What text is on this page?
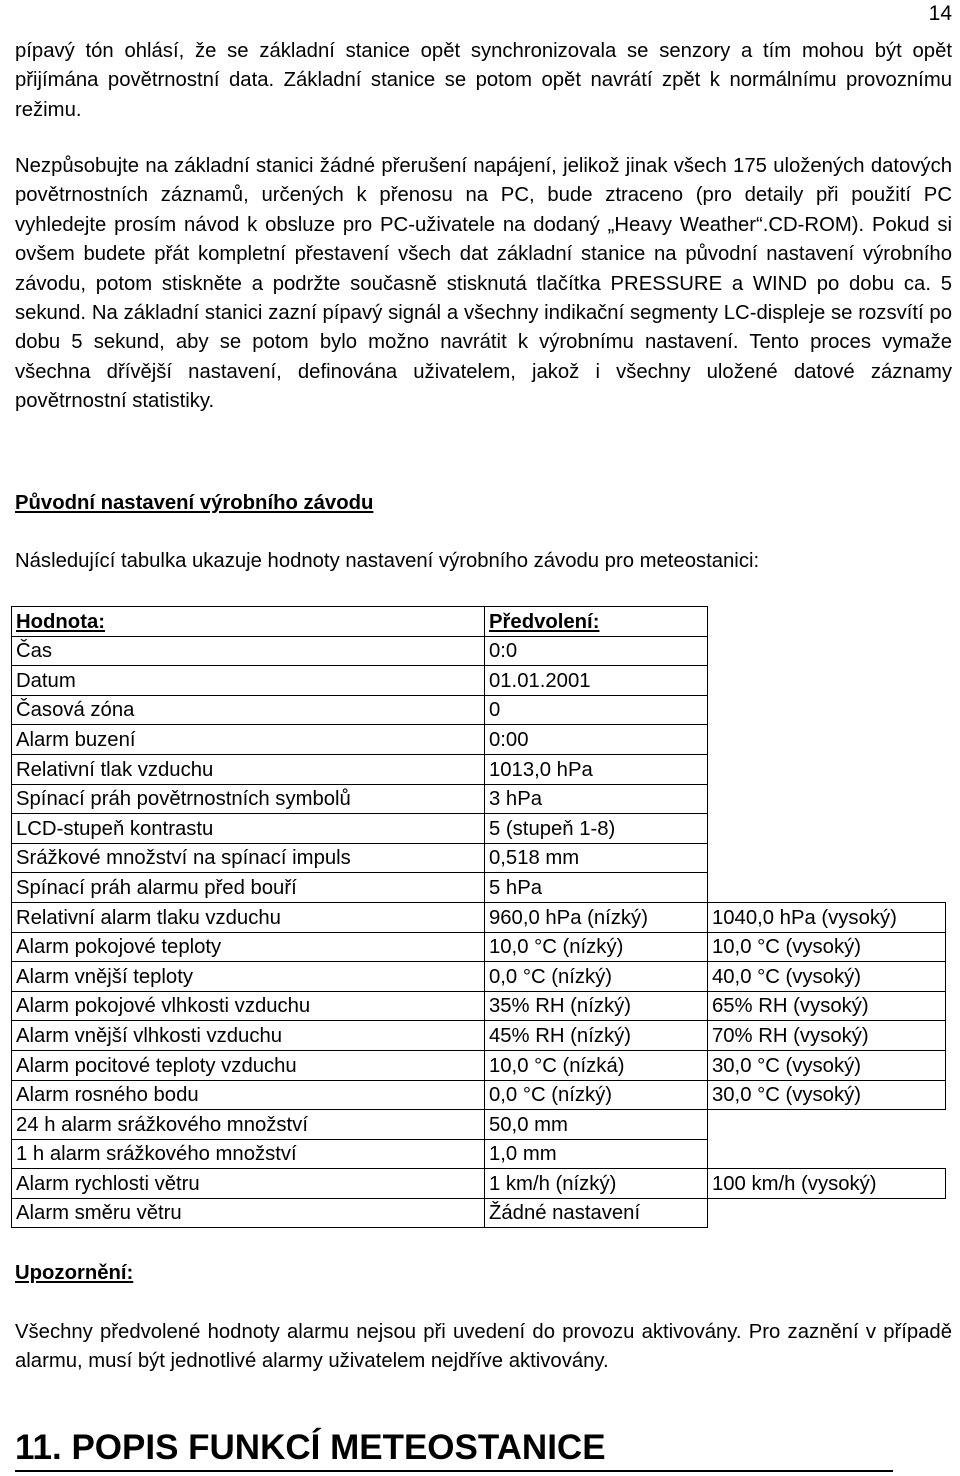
14

pípavý tón ohlásí, že se základní stanice opět synchronizovala se senzory a tím mohou být opět přijímána povětrnostní data. Základní stanice se potom opět navrátí zpět k normálnímu provoznímu režimu.

Nezpůsobujte na základní stanici žádné přerušení napájení, jelikož jinak všech 175 uložených datových povětrnostních záznamů, určených k přenosu na PC, bude ztraceno (pro detaily při použití PC vyhledejte prosím návod k obsluze pro PC-uživatele na dodaný „Heavy Weather“.CD-ROM). Pokud si ovšem budete přát kompletní přestavení všech dat základní stanice na původní nastavení výrobního závodu, potom stiskněte a podržte současně stisknutá tlačítka PRESSURE a WIND po dobu ca. 5 sekund. Na základní stanici zazní pípavý signál a všechny indikační segmenty LC-displeje se rozsvítí po dobu 5 sekund, aby se potom bylo možno navrátit k výrobnímu nastavení. Tento proces vymaže všechna dřívější nastavení, definována uživatelem, jakož i všechny uložené datové záznamy povětrnostní statistiky.

Původní nastavení výrobního závodu

Následující tabulka ukazuje hodnoty nastavení výrobního závodu pro meteostanici:

Hodnota:	Předvolení:	
Čas	0:0	
Datum	01.01.2001	
Časová zóna	0	
Alarm buzení	0:00	
Relativní tlak vzduchu	1013,0 hPa	
Spínací práh povětrnostních symbolů	3 hPa	
LCD-stupeň kontrastu	5 (stupeň 1-8)	
Srážkové množství na spínací impuls	0,518 mm	
Spínací práh alarmu před bouří	5 hPa	
Relativní alarm tlaku vzduchu	960,0 hPa (nízký)	1040,0 hPa (vysoký)
Alarm pokojové teploty	10,0 °C (nízký)	10,0 °C (vysoký)
Alarm vnější teploty	0,0 °C (nízký)	40,0 °C (vysoký)
Alarm pokojové vlhkosti vzduchu	35% RH (nízký)	65% RH (vysoký)
Alarm vnější vlhkosti vzduchu	45% RH (nízký)	70% RH (vysoký)
Alarm pocitové teploty vzduchu	10,0 °C (nízká)	30,0 °C (vysoký)
Alarm rosného bodu	0,0 °C (nízký)	30,0 °C (vysoký)
24 h alarm srážkového množství	50,0 mm	
1 h alarm srážkového množství	1,0 mm	
Alarm rychlosti větru	1 km/h (nízký)	100 km/h (vysoký)
Alarm směru větru	Žádné nastavení	
Upozornění:

Všechny předvolené hodnoty alarmu nejsou při uvedení do provozu aktivovány. Pro zaznění v případě alarmu, musí být jednotlivé alarmy uživatelem nejdříve aktivovány.

11. POPIS FUNKCÍ METEOSTANICE
